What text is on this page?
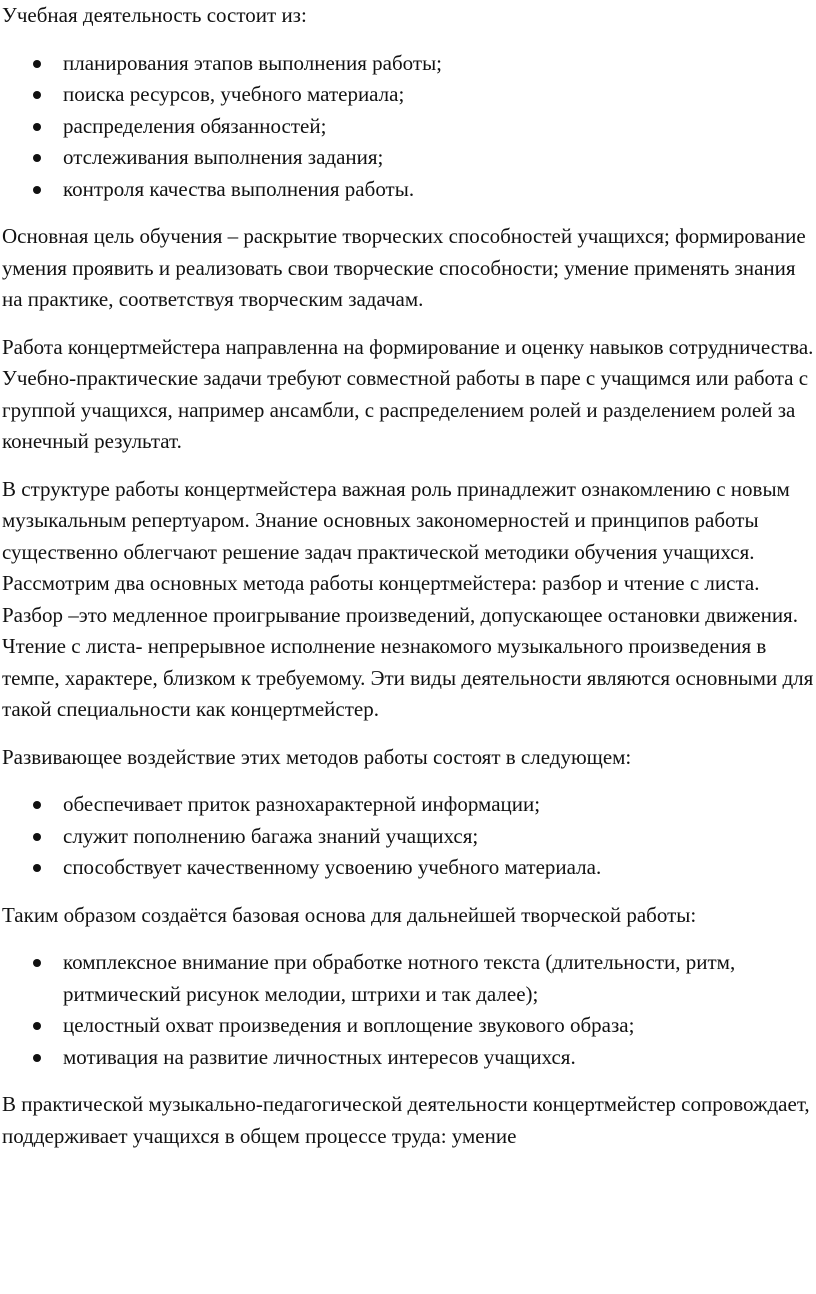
Учебная деятельность состоит из:

планирования этапов выполнения работы;
поиска ресурсов, учебного материала;
распределения обязанностей;
отслеживания выполнения задания;
контроля качества выполнения работы.

Основная цель обучения – раскрытие творческих способностей учащихся; формирование умения проявить и реализовать свои творческие способности; умение применять знания на практике, соответствуя творческим задачам.

Работа концертмейстера направленна на формирование и оценку навыков сотрудничества. Учебно-практические задачи требуют совместной работы в паре с учащимся или работа с группой учащихся, например ансамбли, с распределением ролей и разделением ролей за конечный результат.

В структуре работы концертмейстера важная роль принадлежит ознакомлению с новым музыкальным репертуаром. Знание основных закономерностей и принципов работы существенно облегчают решение задач практической методики обучения учащихся. Рассмотрим два основных метода работы концертмейстера: разбор и чтение с листа. Разбор –это медленное проигрывание произведений, допускающее остановки движения. Чтение с листа- непрерывное исполнение незнакомого музыкального произведения в темпе, характере, близком к требуемому. Эти виды деятельности являются основными для такой специальности как концертмейстер.

Развивающее воздействие этих методов работы состоят в следующем:

обеспечивает приток разнохарактерной информации;
служит пополнению багажа знаний учащихся;
способствует качественному усвоению учебного материала.

Таким образом создаётся базовая основа для дальнейшей творческой работы:

комплексное внимание при обработке нотного текста (длительности, ритм, ритмический рисунок мелодии, штрихи и так далее);
целостный охват произведения и воплощение звукового образа;
мотивация на развитие личностных интересов учащихся.

В практической музыкально-педагогической деятельности концертмейстер сопровождает, поддерживает учащихся в общем процессе труда: умение
